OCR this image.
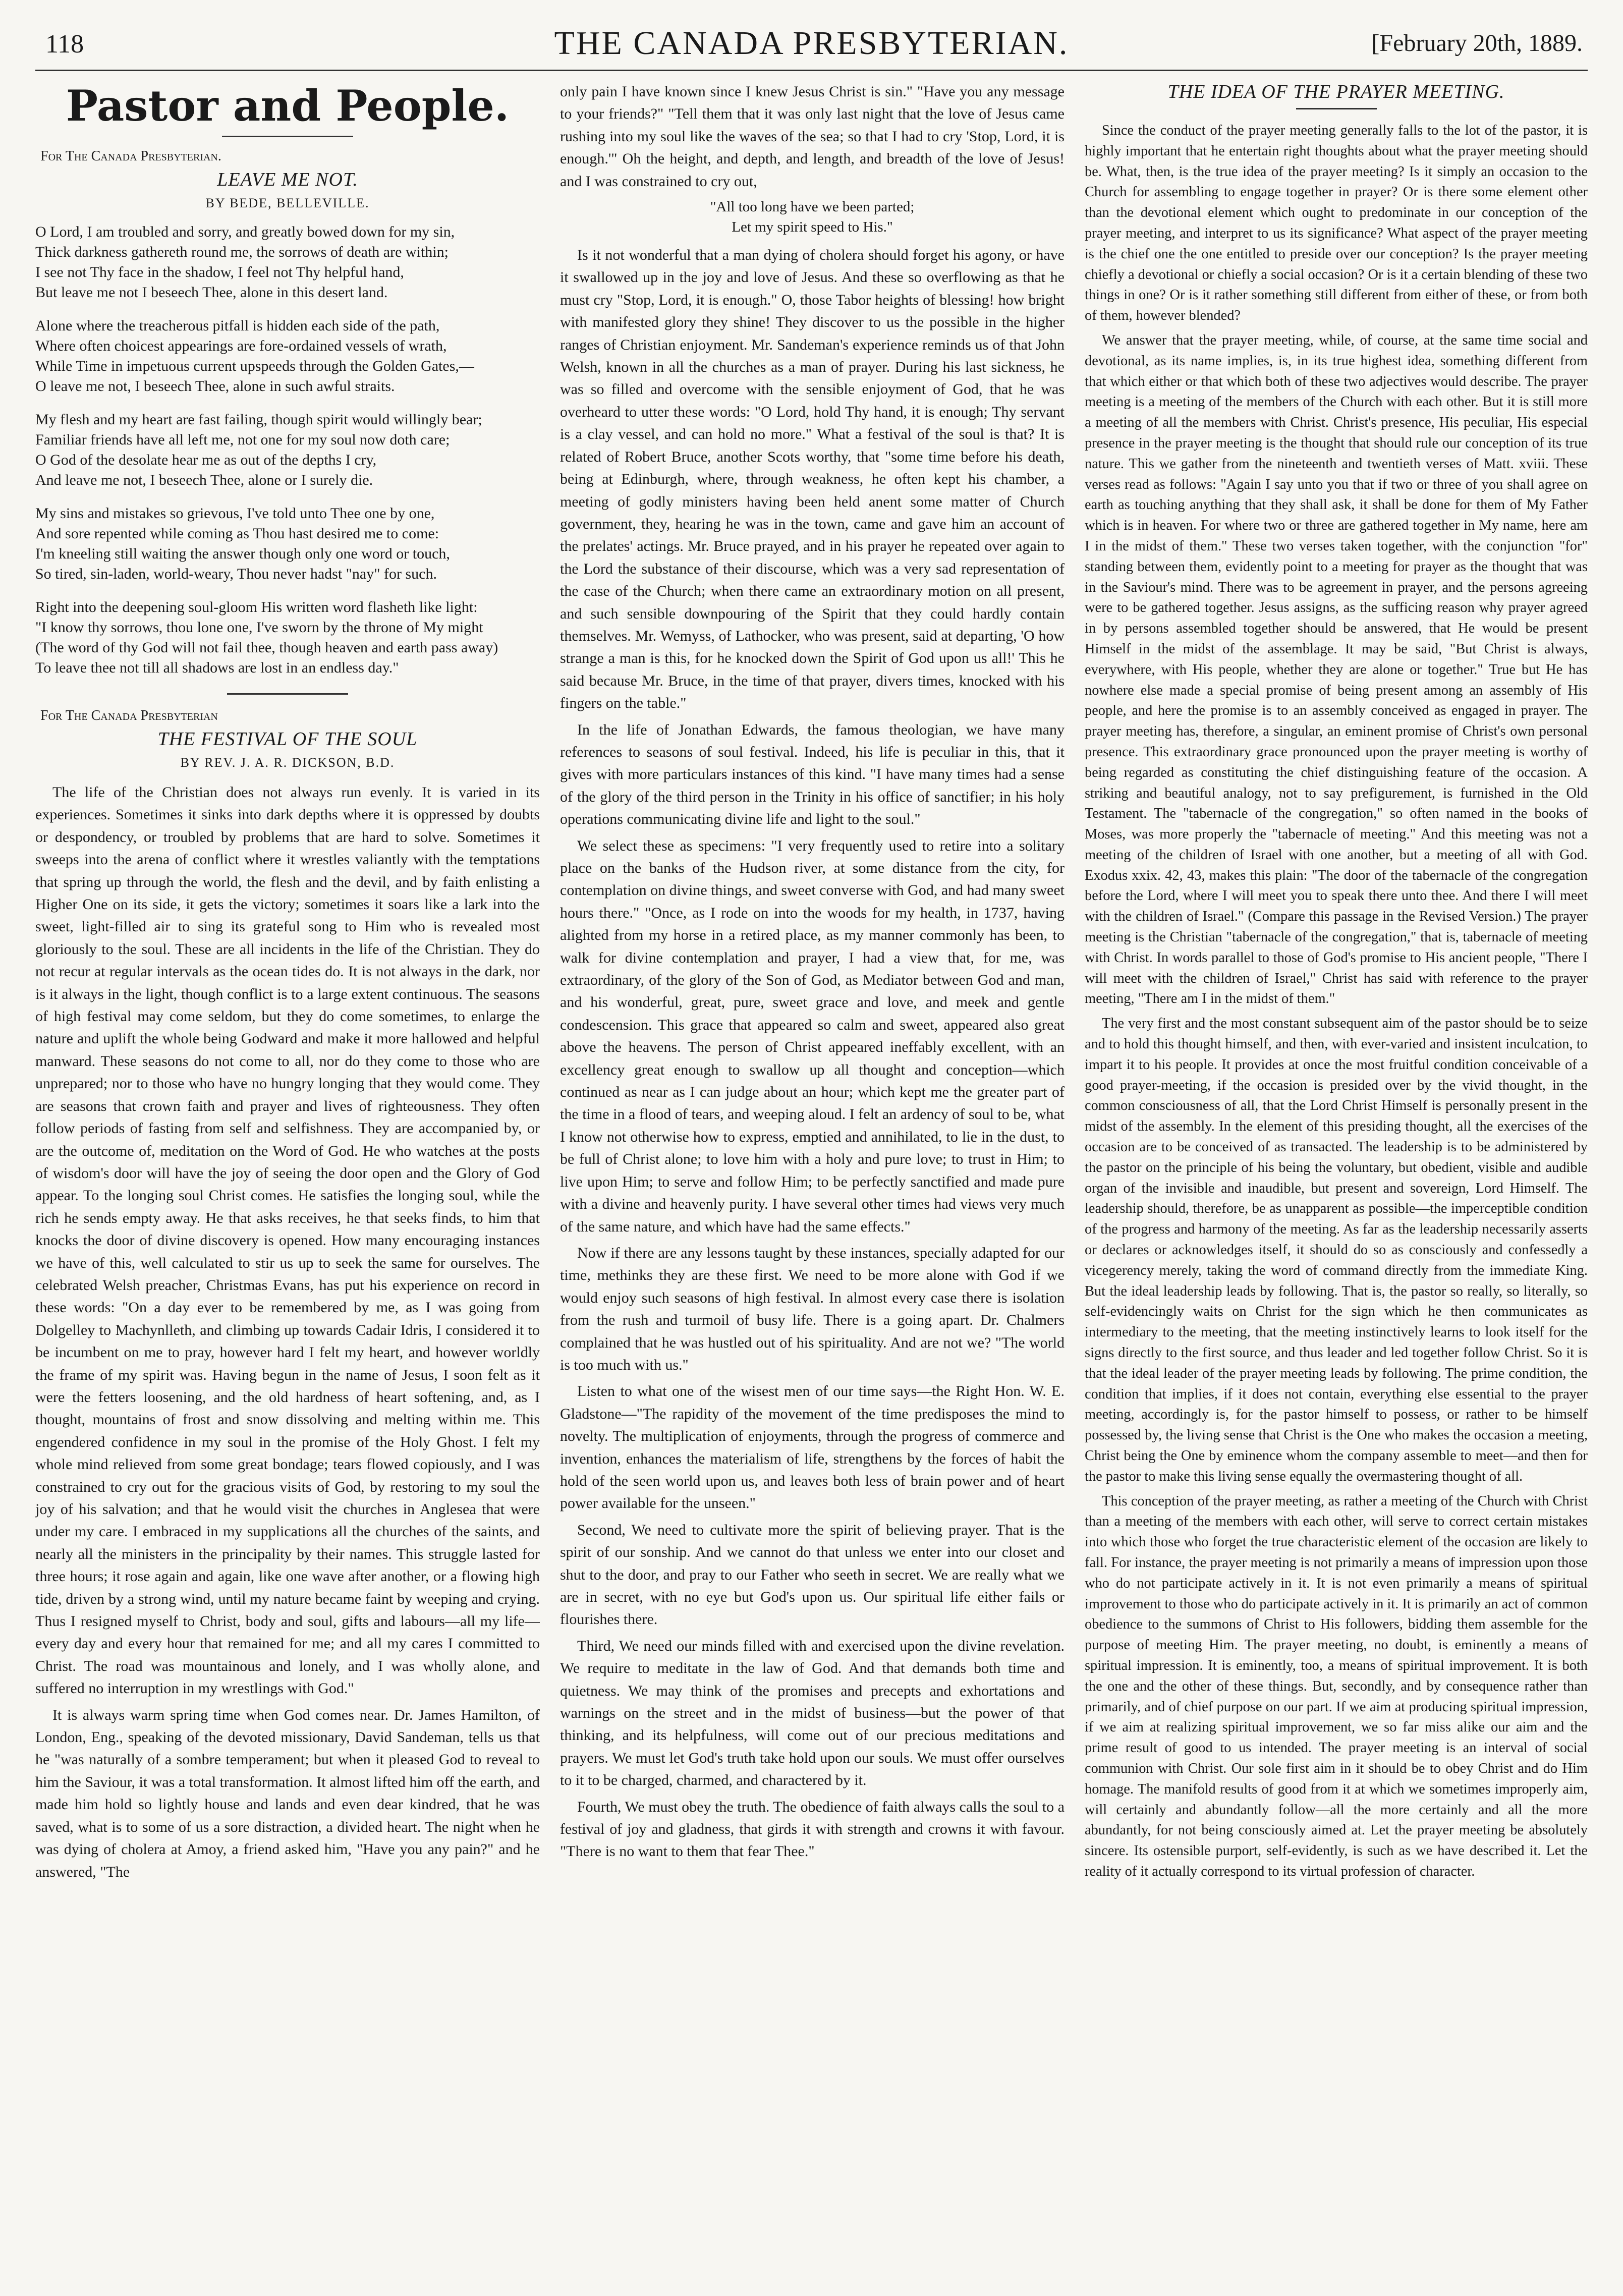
118	THE CANADA PRESBYTERIAN.	[February 20th, 1889.
Pastor and People.
For The Canada Presbyterian.
LEAVE ME NOT.
BY BEDE, BELLEVILLE.

O Lord, I am troubled and sorry, and greatly bowed down for my sin,

Thick darkness gathereth round me, the sorrows of death are within;

I see not Thy face in the shadow, I feel not Thy helpful hand,

But leave me not I beseech Thee, alone in this desert land.

Alone where the treacherous pitfall is hidden each side of the path,

Where often choicest appearings are fore-ordained vessels of wrath,

While Time in impetuous current upspeeds through the Golden Gates,—

O leave me not, I beseech Thee, alone in such awful straits.

My flesh and my heart are fast failing, though spirit would willingly bear;

Familiar friends have all left me, not one for my soul now doth care;

O God of the desolate hear me as out of the depths I cry,

And leave me not, I beseech Thee, alone or I surely die.

My sins and mistakes so grievous, I've told unto Thee one by one,

And sore repented while coming as Thou hast desired me to come:

I'm kneeling still waiting the answer though only one word or touch,

So tired, sin-laden, world-weary, Thou never hadst "nay" for such.

Right into the deepening soul-gloom His written word flasheth like light:

"I know thy sorrows, thou lone one, I've sworn by the throne of My might

(The word of thy God will not fail thee, though heaven and earth pass away)

To leave thee not till all shadows are lost in an endless day."

For The Canada Presbyterian
THE FESTIVAL OF THE SOUL
BY REV. J. A. R. DICKSON, B.D.

The life of the Christian does not always run evenly. It is varied in its experiences. Sometimes it sinks into dark depths where it is oppressed by doubts or despondency, or troubled by problems that are hard to solve. Sometimes it sweeps into the arena of conflict where it wrestles valiantly with the temptations that spring up through the world, the flesh and the devil, and by faith enlisting a Higher One on its side, it gets the victory; sometimes it soars like a lark into the sweet, light-filled air to sing its grateful song to Him who is revealed most gloriously to the soul. These are all incidents in the life of the Christian. They do not recur at regular intervals as the ocean tides do. It is not always in the dark, nor is it always in the light, though conflict is to a large extent continuous. The seasons of high festival may come seldom, but they do come sometimes, to enlarge the nature and uplift the whole being Godward and make it more hallowed and helpful manward. These seasons do not come to all, nor do they come to those who are unprepared; nor to those who have no hungry longing that they would come. They are seasons that crown faith and prayer and lives of righteousness. They often follow periods of fasting from self and selfishness. They are accompanied by, or are the outcome of, meditation on the Word of God. He who watches at the posts of wisdom's door will have the joy of seeing the door open and the Glory of God appear. To the longing soul Christ comes. He satisfies the longing soul, while the rich he sends empty away. He that asks receives, he that seeks finds, to him that knocks the door of divine discovery is opened. How many encouraging instances we have of this, well calculated to stir us up to seek the same for ourselves. The celebrated Welsh preacher, Christmas Evans, has put his experience on record in these words: "On a day ever to be remembered by me, as I was going from Dolgelley to Machynlleth, and climbing up towards Cadair Idris, I considered it to be incumbent on me to pray, however hard I felt my heart, and however worldly the frame of my spirit was. Having begun in the name of Jesus, I soon felt as it were the fetters loosening, and the old hardness of heart softening, and, as I thought, mountains of frost and snow dissolving and melting within me. This engendered confidence in my soul in the promise of the Holy Ghost. I felt my whole mind relieved from some great bondage; tears flowed copiously, and I was constrained to cry out for the gracious visits of God, by restoring to my soul the joy of his salvation; and that he would visit the churches in Anglesea that were under my care. I embraced in my supplications all the churches of the saints, and nearly all the ministers in the principality by their names. This struggle lasted for three hours; it rose again and again, like one wave after another, or a flowing high tide, driven by a strong wind, until my nature became faint by weeping and crying. Thus I resigned myself to Christ, body and soul, gifts and labours—all my life—every day and every hour that remained for me; and all my cares I committed to Christ. The road was mountainous and lonely, and I was wholly alone, and suffered no interruption in my wrestlings with God."

It is always warm spring time when God comes near. Dr. James Hamilton, of London, Eng., speaking of the devoted missionary, David Sandeman, tells us that he "was naturally of a sombre temperament; but when it pleased God to reveal to him the Saviour, it was a total transformation. It almost lifted him off the earth, and made him hold so lightly house and lands and even dear kindred, that he was saved, what is to some of us a sore distraction, a divided heart. The night when he was dying of cholera at Amoy, a friend asked him, "Have you any pain?" and he answered, "The

only pain I have known since I knew Jesus Christ is sin." "Have you any message to your friends?" "Tell them that it was only last night that the love of Jesus came rushing into my soul like the waves of the sea; so that I had to cry 'Stop, Lord, it is enough.'" Oh the height, and depth, and length, and breadth of the love of Jesus! and I was constrained to cry out,

"All too long have we been parted;
Let my spirit speed to His."

Is it not wonderful that a man dying of cholera should forget his agony, or have it swallowed up in the joy and love of Jesus. And these so overflowing as that he must cry "Stop, Lord, it is enough." O, those Tabor heights of blessing! how bright with manifested glory they shine! They discover to us the possible in the higher ranges of Christian enjoyment. Mr. Sandeman's experience reminds us of that John Welsh, known in all the churches as a man of prayer. During his last sickness, he was so filled and overcome with the sensible enjoyment of God, that he was overheard to utter these words: "O Lord, hold Thy hand, it is enough; Thy servant is a clay vessel, and can hold no more." What a festival of the soul is that? It is related of Robert Bruce, another Scots worthy, that "some time before his death, being at Edinburgh, where, through weakness, he often kept his chamber, a meeting of godly ministers having been held anent some matter of Church government, they, hearing he was in the town, came and gave him an account of the prelates' actings. Mr. Bruce prayed, and in his prayer he repeated over again to the Lord the substance of their discourse, which was a very sad representation of the case of the Church; when there came an extraordinary motion on all present, and such sensible downpouring of the Spirit that they could hardly contain themselves. Mr. Wemyss, of Lathocker, who was present, said at departing, 'O how strange a man is this, for he knocked down the Spirit of God upon us all!' This he said because Mr. Bruce, in the time of that prayer, divers times, knocked with his fingers on the table."

In the life of Jonathan Edwards, the famous theologian, we have many references to seasons of soul festival. Indeed, his life is peculiar in this, that it gives with more particulars instances of this kind. "I have many times had a sense of the glory of the third person in the Trinity in his office of sanctifier; in his holy operations communicating divine life and light to the soul."

We select these as specimens: "I very frequently used to retire into a solitary place on the banks of the Hudson river, at some distance from the city, for contemplation on divine things, and sweet converse with God, and had many sweet hours there." "Once, as I rode on into the woods for my health, in 1737, having alighted from my horse in a retired place, as my manner commonly has been, to walk for divine contemplation and prayer, I had a view that, for me, was extraordinary, of the glory of the Son of God, as Mediator between God and man, and his wonderful, great, pure, sweet grace and love, and meek and gentle condescension. This grace that appeared so calm and sweet, appeared also great above the heavens. The person of Christ appeared ineffably excellent, with an excellency great enough to swallow up all thought and conception—which continued as near as I can judge about an hour; which kept me the greater part of the time in a flood of tears, and weeping aloud. I felt an ardency of soul to be, what I know not otherwise how to express, emptied and annihilated, to lie in the dust, to be full of Christ alone; to love him with a holy and pure love; to trust in Him; to live upon Him; to serve and follow Him; to be perfectly sanctified and made pure with a divine and heavenly purity. I have several other times had views very much of the same nature, and which have had the same effects."

Now if there are any lessons taught by these instances, specially adapted for our time, methinks they are these first. We need to be more alone with God if we would enjoy such seasons of high festival. In almost every case there is isolation from the rush and turmoil of busy life. There is a going apart. Dr. Chalmers complained that he was hustled out of his spirituality. And are not we? "The world is too much with us."

Listen to what one of the wisest men of our time says—the Right Hon. W. E. Gladstone—"The rapidity of the movement of the time predisposes the mind to novelty. The multiplication of enjoyments, through the progress of commerce and invention, enhances the materialism of life, strengthens by the forces of habit the hold of the seen world upon us, and leaves both less of brain power and of heart power available for the unseen."

Second, We need to cultivate more the spirit of believing prayer. That is the spirit of our sonship. And we cannot do that unless we enter into our closet and shut to the door, and pray to our Father who seeth in secret. We are really what we are in secret, with no eye but God's upon us. Our spiritual life either fails or flourishes there.

Third, We need our minds filled with and exercised upon the divine revelation. We require to meditate in the law of God. And that demands both time and quietness. We may think of the promises and precepts and exhortations and warnings on the street and in the midst of business—but the power of that thinking, and its helpfulness, will come out of our precious meditations and prayers. We must let God's truth take hold upon our souls. We must offer ourselves to it to be charged, charmed, and charactered by it.

Fourth, We must obey the truth. The obedience of faith always calls the soul to a festival of joy and gladness, that girds it with strength and crowns it with favour. "There is no want to them that fear Thee."

THE IDEA OF THE PRAYER MEETING.

Since the conduct of the prayer meeting generally falls to the lot of the pastor, it is highly important that he entertain right thoughts about what the prayer meeting should be. What, then, is the true idea of the prayer meeting? Is it simply an occasion to the Church for assembling to engage together in prayer? Or is there some element other than the devotional element which ought to predominate in our conception of the prayer meeting, and interpret to us its significance? What aspect of the prayer meeting is the chief one the one entitled to preside over our conception? Is the prayer meeting chiefly a devotional or chiefly a social occasion? Or is it a certain blending of these two things in one? Or is it rather something still different from either of these, or from both of them, however blended?

We answer that the prayer meeting, while, of course, at the same time social and devotional, as its name implies, is, in its true highest idea, something different from that which either or that which both of these two adjectives would describe. The prayer meeting is a meeting of the members of the Church with each other. But it is still more a meeting of all the members with Christ. Christ's presence, His peculiar, His especial presence in the prayer meeting is the thought that should rule our conception of its true nature. This we gather from the nineteenth and twentieth verses of Matt. xviii. These verses read as follows: "Again I say unto you that if two or three of you shall agree on earth as touching anything that they shall ask, it shall be done for them of My Father which is in heaven. For where two or three are gathered together in My name, here am I in the midst of them." These two verses taken together, with the conjunction "for" standing between them, evidently point to a meeting for prayer as the thought that was in the Saviour's mind. There was to be agreement in prayer, and the persons agreeing were to be gathered together. Jesus assigns, as the sufficing reason why prayer agreed in by persons assembled together should be answered, that He would be present Himself in the midst of the assemblage. It may be said, "But Christ is always, everywhere, with His people, whether they are alone or together." True but He has nowhere else made a special promise of being present among an assembly of His people, and here the promise is to an assembly conceived as engaged in prayer. The prayer meeting has, therefore, a singular, an eminent promise of Christ's own personal presence. This extraordinary grace pronounced upon the prayer meeting is worthy of being regarded as constituting the chief distinguishing feature of the occasion. A striking and beautiful analogy, not to say prefigurement, is furnished in the Old Testament. The "tabernacle of the congregation," so often named in the books of Moses, was more properly the "tabernacle of meeting." And this meeting was not a meeting of the children of Israel with one another, but a meeting of all with God. Exodus xxix. 42, 43, makes this plain: "The door of the tabernacle of the congregation before the Lord, where I will meet you to speak there unto thee. And there I will meet with the children of Israel." (Compare this passage in the Revised Version.) The prayer meeting is the Christian "tabernacle of the congregation," that is, tabernacle of meeting with Christ. In words parallel to those of God's promise to His ancient people, "There I will meet with the children of Israel," Christ has said with reference to the prayer meeting, "There am I in the midst of them."

The very first and the most constant subsequent aim of the pastor should be to seize and to hold this thought himself, and then, with ever-varied and insistent inculcation, to impart it to his people. It provides at once the most fruitful condition conceivable of a good prayer-meeting, if the occasion is presided over by the vivid thought, in the common consciousness of all, that the Lord Christ Himself is personally present in the midst of the assembly. In the element of this presiding thought, all the exercises of the occasion are to be conceived of as transacted. The leadership is to be administered by the pastor on the principle of his being the voluntary, but obedient, visible and audible organ of the invisible and inaudible, but present and sovereign, Lord Himself. The leadership should, therefore, be as unapparent as possible—the imperceptible condition of the progress and harmony of the meeting. As far as the leadership necessarily asserts or declares or acknowledges itself, it should do so as consciously and confessedly a vicegerency merely, taking the word of command directly from the immediate King. But the ideal leadership leads by following. That is, the pastor so really, so literally, so self-evidencingly waits on Christ for the sign which he then communicates as intermediary to the meeting, that the meeting instinctively learns to look itself for the signs directly to the first source, and thus leader and led together follow Christ. So it is that the ideal leader of the prayer meeting leads by following. The prime condition, the condition that implies, if it does not contain, everything else essential to the prayer meeting, accordingly is, for the pastor himself to possess, or rather to be himself possessed by, the living sense that Christ is the One who makes the occasion a meeting, Christ being the One by eminence whom the company assemble to meet—and then for the pastor to make this living sense equally the overmastering thought of all.

This conception of the prayer meeting, as rather a meeting of the Church with Christ than a meeting of the members with each other, will serve to correct certain mistakes into which those who forget the true characteristic element of the occasion are likely to fall. For instance, the prayer meeting is not primarily a means of impression upon those who do not participate actively in it. It is not even primarily a means of spiritual improvement to those who do participate actively in it. It is primarily an act of common obedience to the summons of Christ to His followers, bidding them assemble for the purpose of meeting Him. The prayer meeting, no doubt, is eminently a means of spiritual impression. It is eminently, too, a means of spiritual improvement. It is both the one and the other of these things. But, secondly, and by consequence rather than primarily, and of chief purpose on our part. If we aim at producing spiritual impression, if we aim at realizing spiritual improvement, we so far miss alike our aim and the prime result of good to us intended. The prayer meeting is an interval of social communion with Christ. Our sole first aim in it should be to obey Christ and do Him homage. The manifold results of good from it at which we sometimes improperly aim, will certainly and abundantly follow—all the more certainly and all the more abundantly, for not being consciously aimed at. Let the prayer meeting be absolutely sincere. Its ostensible purport, self-evidently, is such as we have described it. Let the reality of it actually correspond to its virtual profession of character.
